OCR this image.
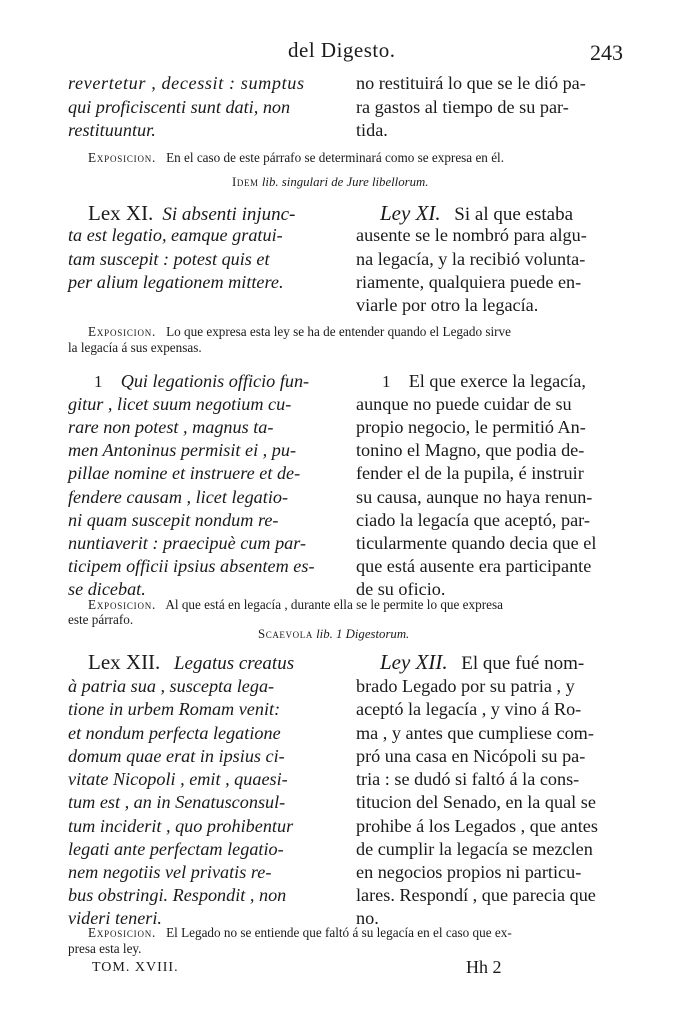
del Digesto.	243
revertetur , decessit : sumptus
qui proficiscenti sunt dati, non
restituuntur.
no restituirá lo que se le dió pa-
ra gastos al tiempo de su par-
tida.
Exposicion. En el caso de este párrafo se determinará como se expresa en él.
Idem lib. singulari de Jure libellorum.
Lex XI. Si absenti injunc-
ta est legatio, eamque gratui-
tam suscepit : potest quis et
per alium legationem mittere.
Ley XI. Si al que estaba
ausente se le nombró para algu-
na legacía, y la recibió volunta-
riamente, qualquiera puede en-
viarle por otro la legacía.
Exposicion. Lo que expresa esta ley se ha de entender quando el Legado sirve
la legacía á sus expensas.
1 Qui legationis officio fun-
gitur , licet suum negotium cu-
rare non potest , magnus ta-
men Antoninus permisit ei , pu-
pillae nomine et instruere et de-
fendere causam , licet legatio-
ni quam suscepit nondum re-
nuntiaverit : praecipuè cum par-
ticipem officii ipsius absentem es-
se dicebat.
1 El que exerce la legacía,
aunque no puede cuidar de su
propio negocio, le permitió An-
tonino el Magno, que podia de-
fender el de la pupila, é instruir
su causa, aunque no haya renun-
ciado la legacía que aceptó, par-
ticularmente quando decia que el
que está ausente era participante
de su oficio.
Exposicion. Al que está en legacía , durante ella se le permite lo que expresa
este párrafo.
Scaevola lib. 1 Digestorum.
Lex XII. Legatus creatus
à patria sua , suscepta lega-
tione in urbem Romam venit:
et nondum perfecta legatione
domum quae erat in ipsius ci-
vitate Nicopoli , emit , quaesi-
tum est , an in Senatusconsul-
tum inciderit , quo prohibentur
legati ante perfectam legatio-
nem negotiis vel privatis re-
bus obstringi. Respondit , non
videri teneri.
Ley XII. El que fué nom-
brado Legado por su patria , y
aceptó la legacía , y vino á Ro-
ma , y antes que cumpliese com-
pró una casa en Nicópoli su pa-
tria : se dudó si faltó á la cons-
titucion del Senado, en la qual se
prohibe á los Legados , que antes
de cumplir la legacía se mezclen
en negocios propios ni particu-
lares. Respondí , que parecia que
no.
Exposicion. El Legado no se entiende que faltó á su legacía en el caso que ex-
presa esta ley.
TOM. XVIII.	Hh 2
